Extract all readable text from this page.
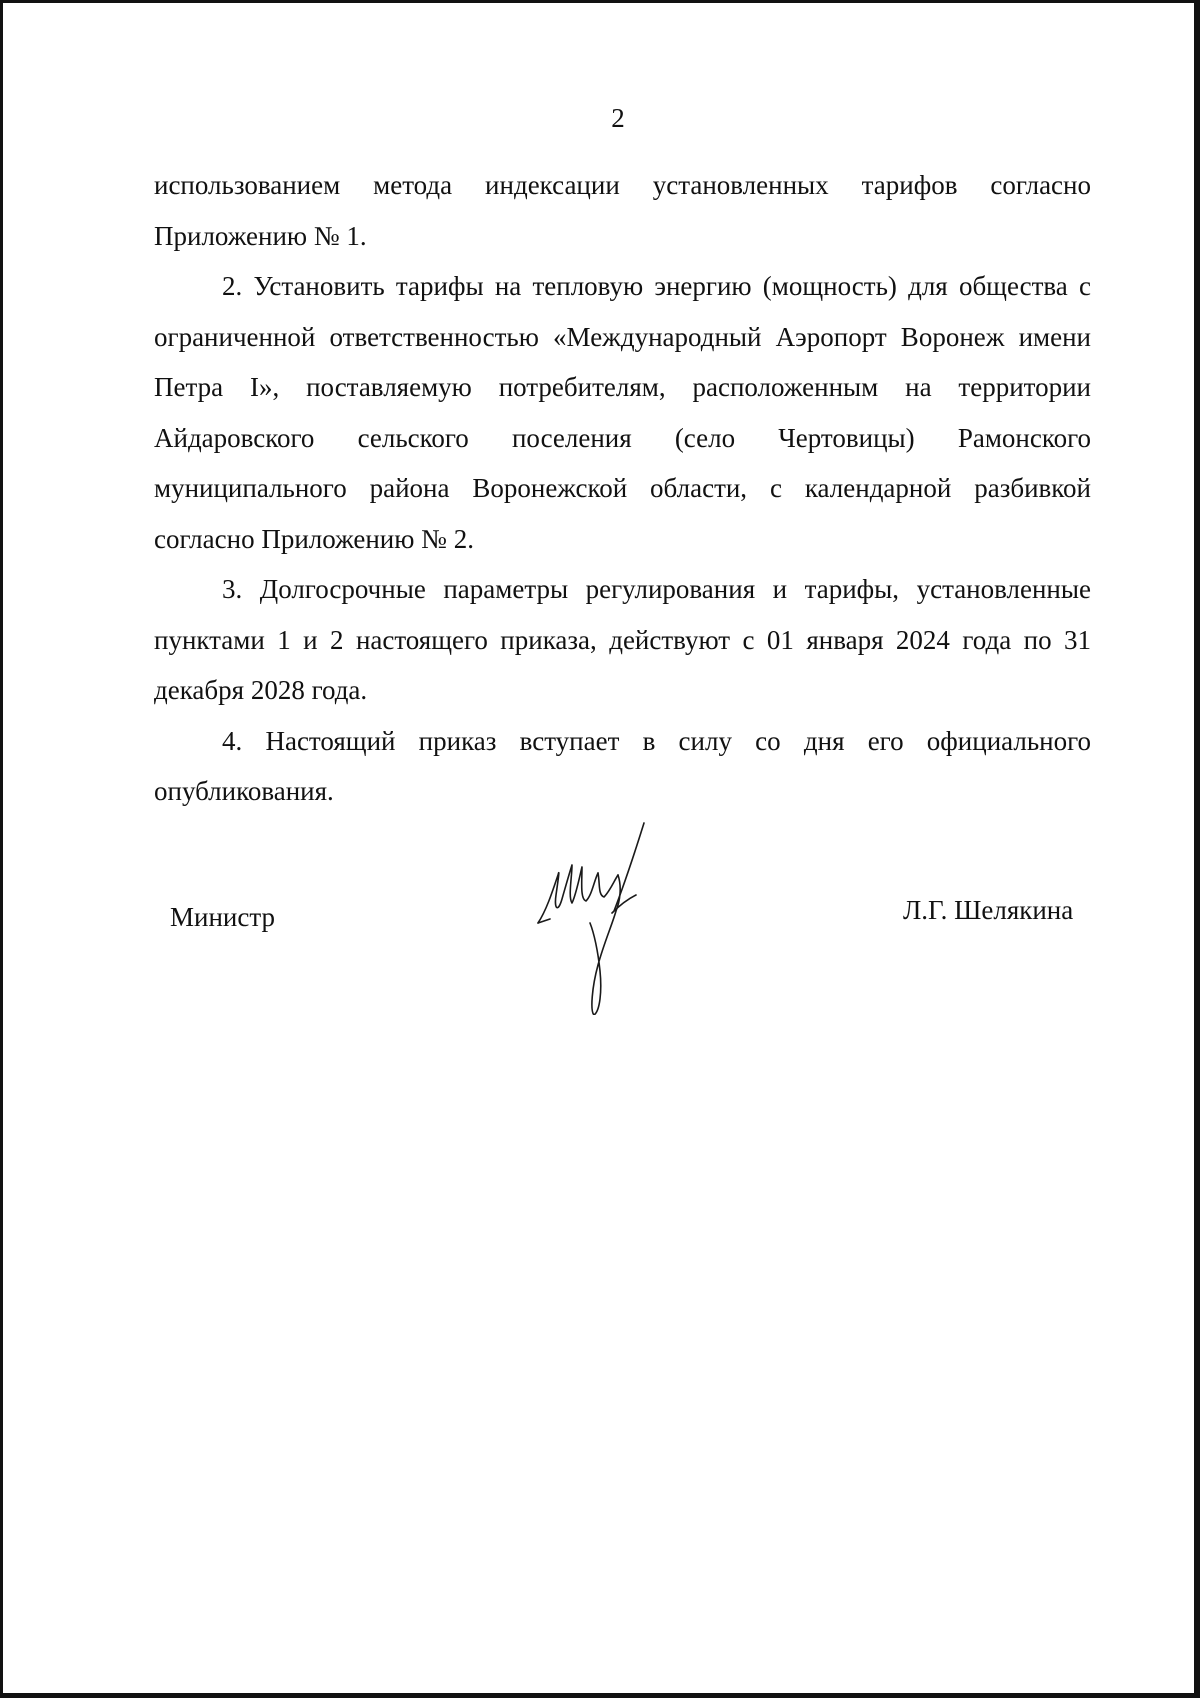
2

использованием метода индексации установленных тарифов согласно Приложению № 1.

2. Установить тарифы на тепловую энергию (мощность) для общества с ограниченной ответственностью «Международный Аэропорт Воронеж имени Петра I», поставляемую потребителям, расположенным на территории Айдаровского сельского поселения (село Чертовицы) Рамонского муниципального района Воронежской области, с календарной разбивкой согласно Приложению № 2.

3. Долгосрочные параметры регулирования и тарифы, установленные пунктами 1 и 2 настоящего приказа, действуют с 01 января 2024 года по 31 декабря 2028 года.

4. Настоящий приказ вступает в силу со дня его официального опубликования.

Министр	Л.Г. Шелякина
